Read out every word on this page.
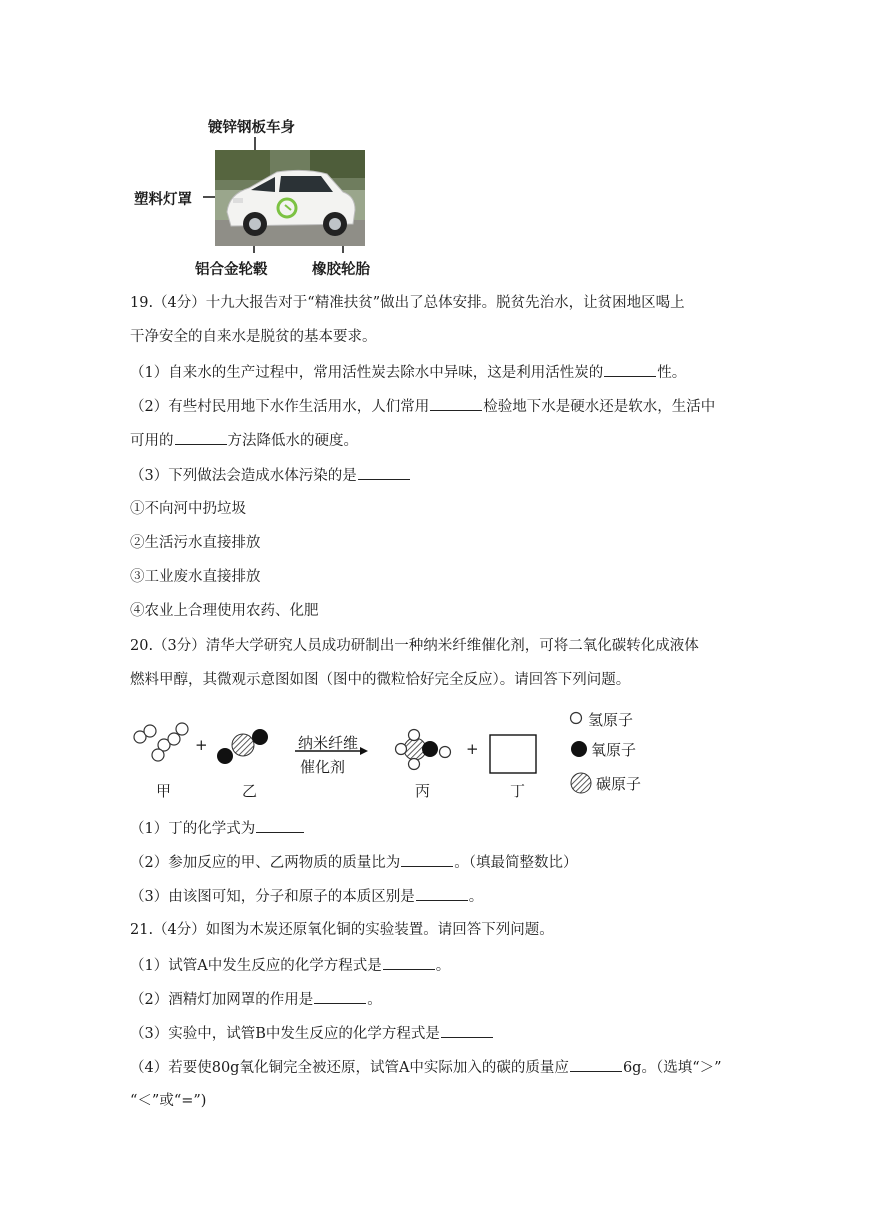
镀锌钢板车身
塑料灯罩
铝合金轮毂	橡胶轮胎
19.（4分）十九大报告对于“精准扶贫”做出了总体安排。脱贫先治水，让贫困地区喝上
干净安全的自来水是脱贫的基本要求。
（1）自来水的生产过程中，常用活性炭去除水中异味，这是利用活性炭的	性。
（2）有些村民用地下水作生活用水，人们常用	检验地下水是硬水还是软水，生活中
可用的	方法降低水的硬度。
（3）下列做法会造成水体污染的是
①不向河中扔垃圾
②生活污水直接排放
③工业废水直接排放
④农业上合理使用农药、化肥
20.（3分）清华大学研究人员成功研制出一种纳米纤维催化剂，可将二氧化碳转化成液体
燃料甲醇，其微观示意图如图（图中的微粒恰好完全反应）。请回答下列问题。
+	+
纳米纤维
催化剂
甲	乙	丙	丁
氢原子
氧原子
碳原子
（1）丁的化学式为
（2）参加反应的甲、乙两物质的质量比为	。（填最简整数比）
（3）由该图可知，分子和原子的本质区别是	。
21.（4分）如图为木炭还原氧化铜的实验装置。请回答下列问题。
（1）试管A中发生反应的化学方程式是	。
（2）酒精灯加网罩的作用是	。
（3）实验中，试管B中发生反应的化学方程式是
（4）若要使80g氧化铜完全被还原，试管A中实际加入的碳的质量应	6g。（选填“＞”
“＜”或“=”)
